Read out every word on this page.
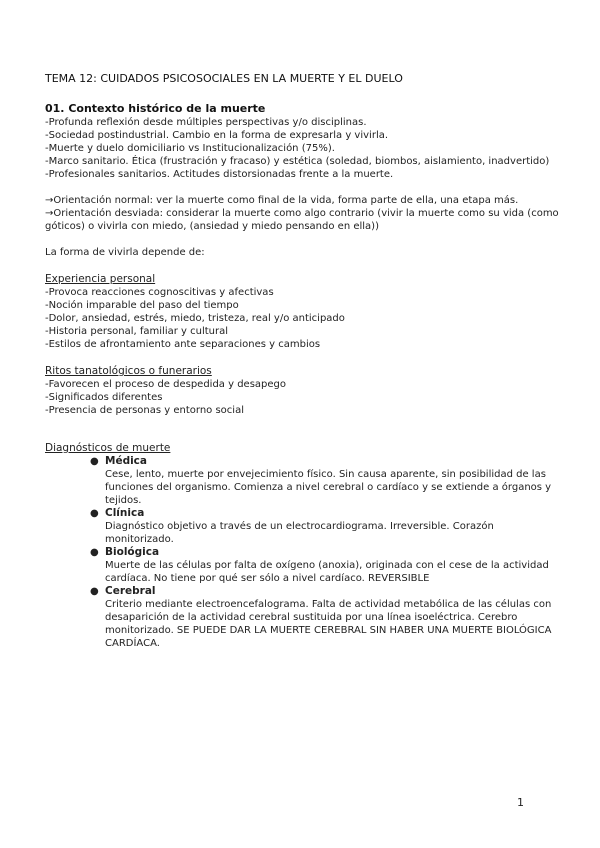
TEMA 12: CUIDADOS PSICOSOCIALES EN LA MUERTE Y EL DUELO

01. Contexto histórico de la muerte

-Profunda reflexión desde múltiples perspectivas y/o disciplinas.

-Sociedad postindustrial. Cambio en la forma de expresarla y vivirla.

-Muerte y duelo domiciliario vs Institucionalización (75%).

-Marco sanitario. Ética (frustración y fracaso) y estética (soledad, biombos, aislamiento, inadvertido)

-Profesionales sanitarios. Actitudes distorsionadas frente a la muerte.

→Orientación normal: ver la muerte como final de la vida, forma parte de ella, una etapa más.

→Orientación desviada: considerar la muerte como algo contrario (vivir la muerte como su vida (como góticos) o vivirla con miedo, (ansiedad y miedo pensando en ella))

La forma de vivirla depende de:

Experiencia personal

-Provoca reacciones cognoscitivas y afectivas

-Noción imparable del paso del tiempo

-Dolor, ansiedad, estrés, miedo, tristeza, real y/o anticipado

-Historia personal, familiar y cultural

-Estilos de afrontamiento ante separaciones y cambios

Ritos tanatológicos o funerarios

-Favorecen el proceso de despedida y desapego

-Significados diferentes

-Presencia de personas y entorno social

Diagnósticos de muerte

● Médica

Cese, lento, muerte por envejecimiento físico. Sin causa aparente, sin posibilidad de las funciones del organismo. Comienza a nivel cerebral o cardíaco y se extiende a órganos y tejidos.

● Clínica

Diagnóstico objetivo a través de un electrocardiograma. Irreversible. Corazón monitorizado.

● Biológica

Muerte de las células por falta de oxígeno (anoxia), originada con el cese de la actividad cardíaca. No tiene por qué ser sólo a nivel cardíaco. REVERSIBLE

● Cerebral

Criterio mediante electroencefalograma. Falta de actividad metabólica de las células con desaparición de la actividad cerebral sustituida por una línea isoeléctrica. Cerebro monitorizado. SE PUEDE DAR LA MUERTE CEREBRAL SIN HABER UNA MUERTE BIOLÓGICA CARDÍACA.

1
